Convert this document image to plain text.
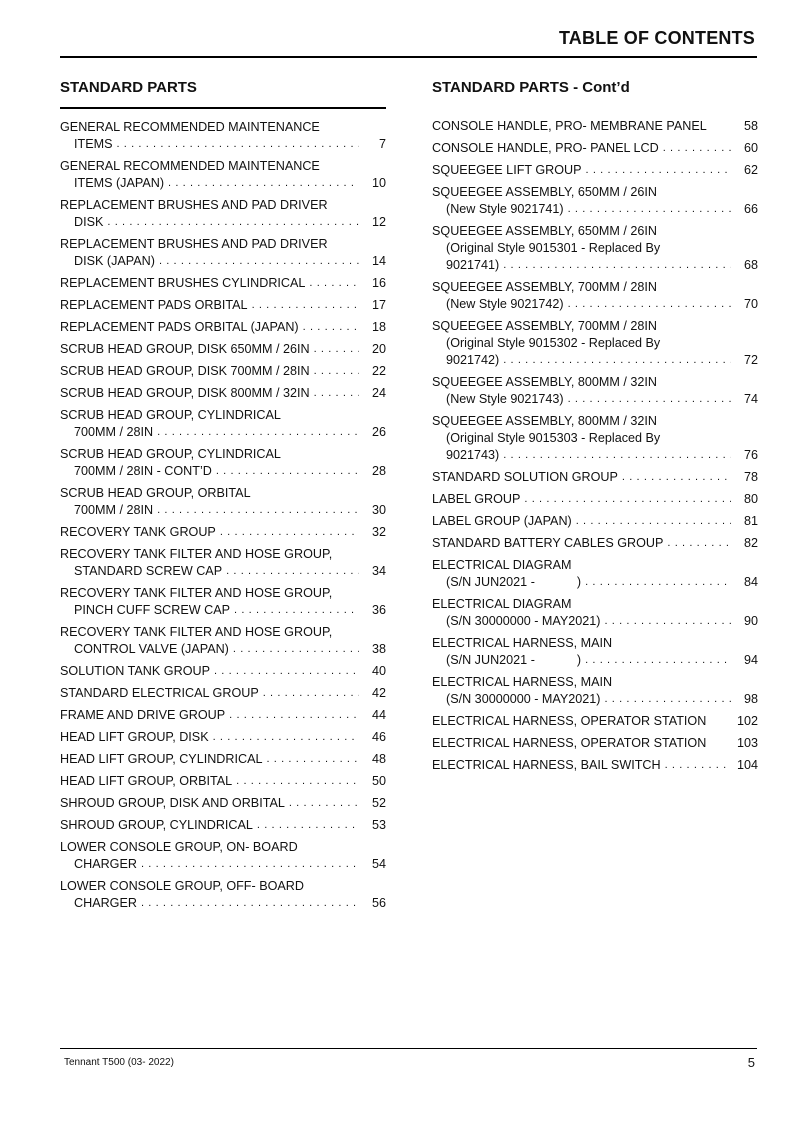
TABLE OF CONTENTS
STANDARD PARTS
GENERAL RECOMMENDED MAINTENANCE
ITEMS . . .	7
GENERAL RECOMMENDED MAINTENANCE
ITEMS (JAPAN) . . .	10
REPLACEMENT BRUSHES AND PAD DRIVER
DISK . . .	12
REPLACEMENT BRUSHES AND PAD DRIVER
DISK (JAPAN) . . .	14
REPLACEMENT BRUSHES CYLINDRICAL . . .	16
REPLACEMENT PADS ORBITAL . . .	17
REPLACEMENT PADS ORBITAL (JAPAN) . . .	18
SCRUB HEAD GROUP, DISK 650MM / 26IN . . .	20
SCRUB HEAD GROUP, DISK 700MM / 28IN . . .	22
SCRUB HEAD GROUP, DISK 800MM / 32IN . . .	24
SCRUB HEAD GROUP, CYLINDRICAL
700MM / 28IN . . .	26
SCRUB HEAD GROUP, CYLINDRICAL
700MM / 28IN - CONT’D . . .	28
SCRUB HEAD GROUP, ORBITAL
700MM / 28IN . . .	30
RECOVERY TANK GROUP . . .	32
RECOVERY TANK FILTER AND HOSE GROUP,
STANDARD SCREW CAP . . .	34
RECOVERY TANK FILTER AND HOSE GROUP,
PINCH CUFF SCREW CAP . . .	36
RECOVERY TANK FILTER AND HOSE GROUP,
CONTROL VALVE (JAPAN) . . .	38
SOLUTION TANK GROUP . . .	40
STANDARD ELECTRICAL GROUP . . .	42
FRAME AND DRIVE GROUP . . .	44
HEAD LIFT GROUP, DISK . . .	46
HEAD LIFT GROUP, CYLINDRICAL . . .	48
HEAD LIFT GROUP, ORBITAL . . .	50
SHROUD GROUP, DISK AND ORBITAL . . .	52
SHROUD GROUP, CYLINDRICAL . . .	53
LOWER CONSOLE GROUP, ON- BOARD
CHARGER . . .	54
LOWER CONSOLE GROUP, OFF- BOARD
CHARGER . . .	56
STANDARD PARTS - Cont’d
CONSOLE HANDLE, PRO- MEMBRANE PANEL	58
CONSOLE HANDLE, PRO- PANEL LCD . . .	60
SQUEEGEE LIFT GROUP . . .	62
SQUEEGEE ASSEMBLY, 650MM / 26IN
(New Style 9021741) . . .	66
SQUEEGEE ASSEMBLY, 650MM / 26IN
(Original Style 9015301 - Replaced By
9021741) . . .	68
SQUEEGEE ASSEMBLY, 700MM / 28IN
(New Style 9021742) . . .	70
SQUEEGEE ASSEMBLY, 700MM / 28IN
(Original Style 9015302 - Replaced By
9021742) . . .	72
SQUEEGEE ASSEMBLY, 800MM / 32IN
(New Style 9021743) . . .	74
SQUEEGEE ASSEMBLY, 800MM / 32IN
(Original Style 9015303 - Replaced By
9021743) . . .	76
STANDARD SOLUTION GROUP . . .	78
LABEL GROUP . . .	80
LABEL GROUP (JAPAN) . . .	81
STANDARD BATTERY CABLES GROUP . . .	82
ELECTRICAL DIAGRAM
(S/N JUN2021 -            ) . . .	84
ELECTRICAL DIAGRAM
(S/N 30000000 - MAY2021) . . .	90
ELECTRICAL HARNESS, MAIN
(S/N JUN2021 -            ) . . .	94
ELECTRICAL HARNESS, MAIN
(S/N 30000000 - MAY2021) . . .	98
ELECTRICAL HARNESS, OPERATOR STATION 102
ELECTRICAL HARNESS, OPERATOR STATION 103
ELECTRICAL HARNESS, BAIL SWITCH . . .	104
Tennant T500 (03- 2022)	5
